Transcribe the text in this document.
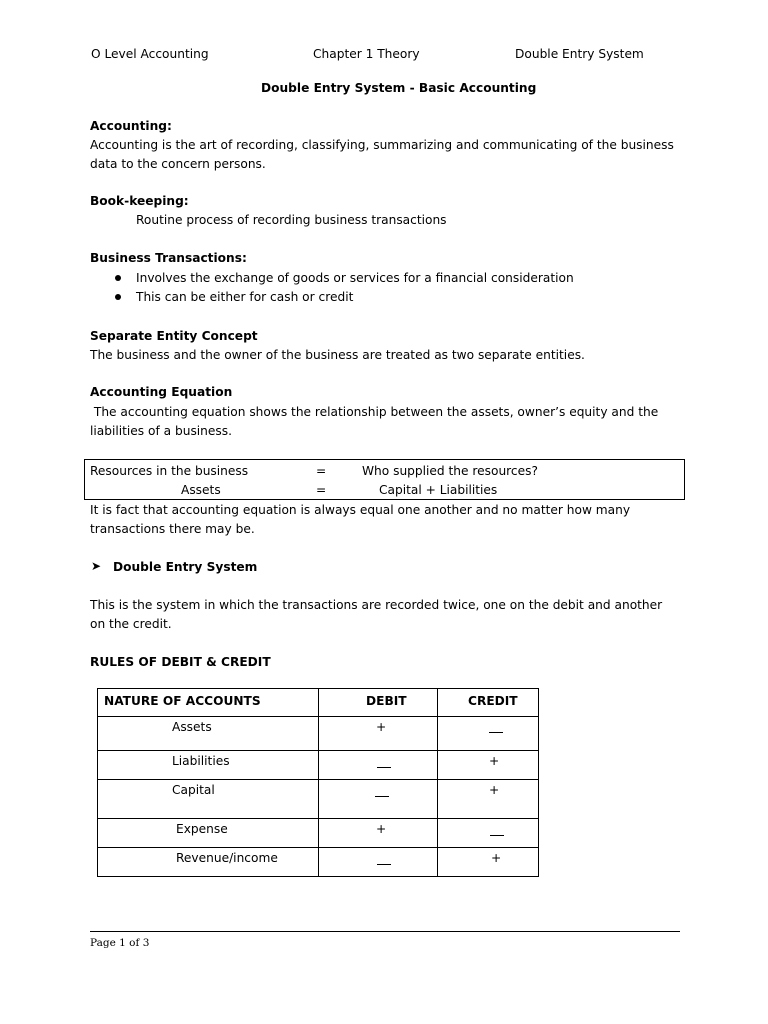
O Level Accounting	Chapter 1 Theory	Double Entry System
Double Entry System - Basic Accounting
Accounting:
Accounting is the art of recording, classifying, summarizing and communicating of the business
data to the concern persons.
Book-keeping:
Routine process of recording business transactions
Business Transactions:
Involves the exchange of goods or services for a financial consideration
This can be either for cash or credit
Separate Entity Concept
The business and the owner of the business are treated as two separate entities.
Accounting Equation
The accounting equation shows the relationship between the assets, owner’s equity and the
liabilities of a business.
Resources in the business	=	Who supplied the resources?
Assets	=	Capital + Liabilities
It is fact that accounting equation is always equal one another and no matter how many
transactions there may be.
➤ Double Entry System
This is the system in which the transactions are recorded twice, one on the debit and another
on the credit.
RULES OF DEBIT & CREDIT
NATURE OF ACCOUNTS	DEBIT	CREDIT

Assets	+

Liabilities		+

Capital		+

Expense	+

Revenue/income		+
Page 1 of 3
